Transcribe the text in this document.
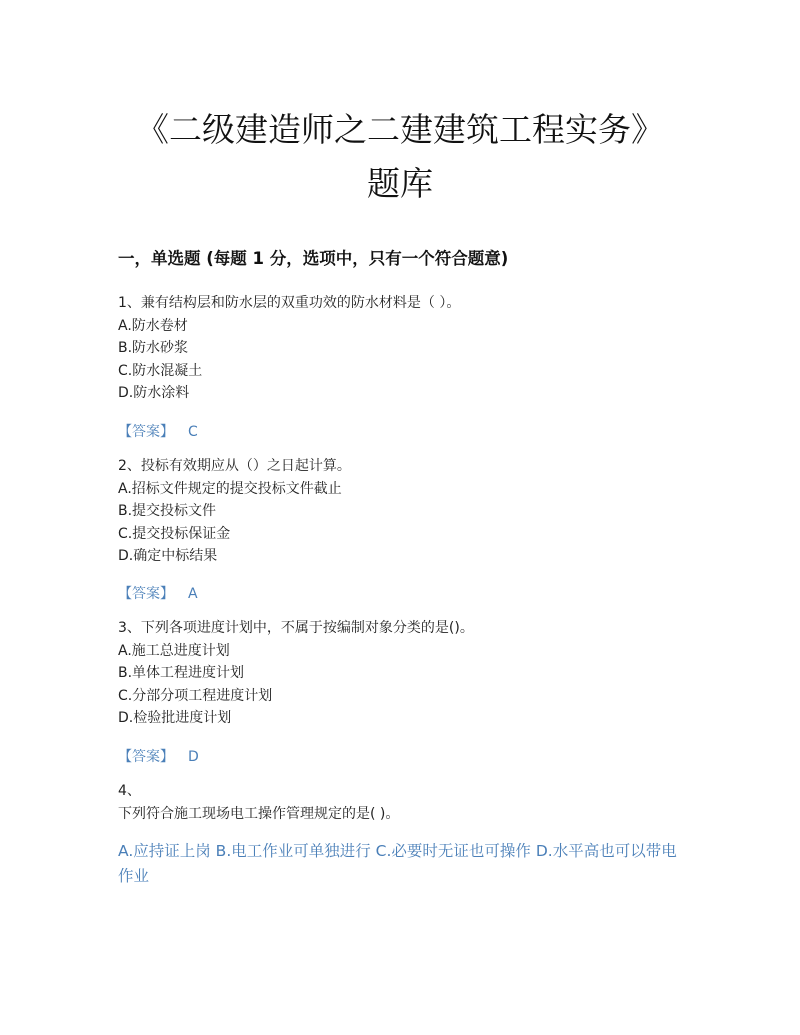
《二级建造师之二建建筑工程实务》
题库
一，单选题 (每题 1 分，选项中，只有一个符合题意)
1、兼有结构层和防水层的双重功效的防水材料是（ ）。
A.防水卷材
B.防水砂浆
C.防水混凝土
D.防水涂料
【答案】 C
2、投标有效期应从（）之日起计算。
A.招标文件规定的提交投标文件截止
B.提交投标文件
C.提交投标保证金
D.确定中标结果
【答案】 A
3、下列各项进度计划中，不属于按编制对象分类的是()。
A.施工总进度计划
B.单体工程进度计划
C.分部分项工程进度计划
D.检验批进度计划
【答案】 D
4、
下列符合施工现场电工操作管理规定的是( )。
A.应持证上岗 B.电工作业可单独进行 C.必要时无证也可操作 D.水平高也可以带电作业
